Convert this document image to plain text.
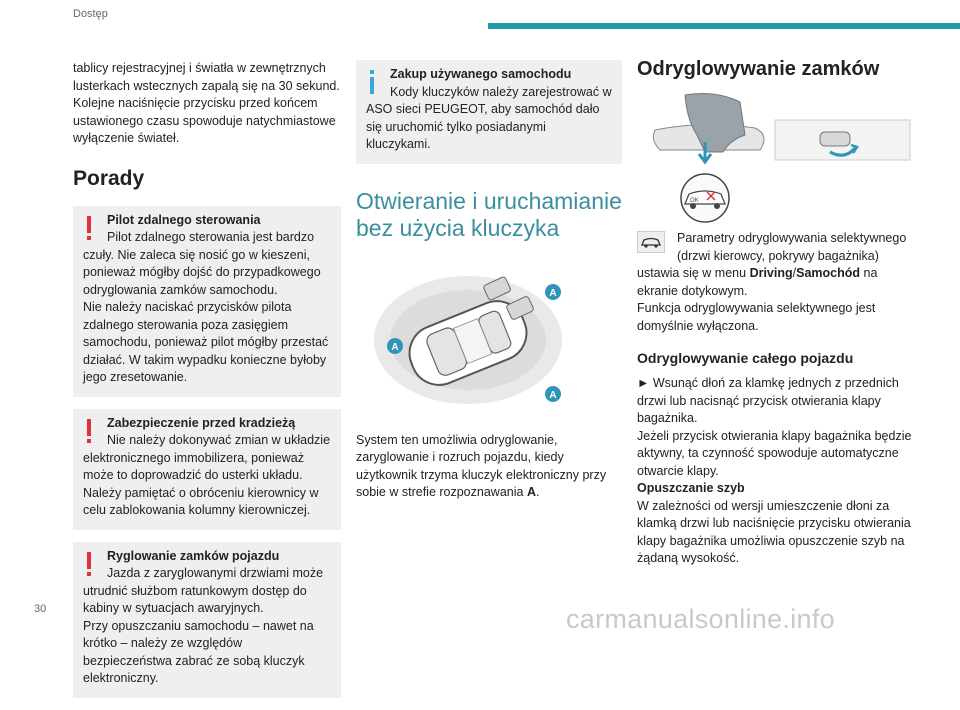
Dostęp

tablicy rejestracyjnej i światła w zewnętrznych lusterkach wstecznych zapalą się na 30 sekund. Kolejne naciśnięcie przycisku przed końcem ustawionego czasu spowoduje natychmiastowe wyłączenie świateł.

Porady
Pilot zdalnego sterowania
Pilot zdalnego sterowania jest bardzo

czuły. Nie zaleca się nosić go w kieszeni, ponieważ mógłby dojść do przypadkowego odryglowania zamków samochodu.
Nie należy naciskać przycisków pilota zdalnego sterowania poza zasięgiem samochodu, ponieważ pilot mógłby przestać działać. W takim wypadku konieczne byłoby jego zresetowanie.

Zabezpieczenie przed kradzieżą
Nie należy dokonywać zmian w układzie

elektronicznego immobilizera, ponieważ może to doprowadzić do usterki układu.
Należy pamiętać o obróceniu kierownicy w celu zablokowania kolumny kierowniczej.

Ryglowanie zamków pojazdu
Jazda z zaryglowanymi drzwiami może

utrudnić służbom ratunkowym dostęp do kabiny w sytuacjach awaryjnych.
Przy opuszczaniu samochodu – nawet na krótko – należy ze względów bezpieczeństwa zabrać ze sobą kluczyk elektroniczny.

Zakup używanego samochodu
Kody kluczyków należy zarejestrować w

ASO sieci PEUGEOT, aby samochód dało się uruchomić tylko posiadanymi kluczykami.

Otwieranie i uruchamianie bez użycia kluczyka
A
A
A

System ten umożliwia odryglowanie, zaryglowanie i rozruch pojazdu, kiedy użytkownik trzyma kluczyk elektroniczny przy sobie w strefie rozpoznawania A.

Odryglowywanie zamków
OK

Parametry odryglowywania selektywnego

(drzwi kierowcy, pokrywy bagażnika)

ustawia się w menu Driving/Samochód na ekranie dotykowym.

Funkcja odryglowywania selektywnego jest domyślnie wyłączona.

Odryglowywanie całego pojazdu

► Wsunąć dłoń za klamkę jednych z przednich drzwi lub nacisnąć przycisk otwierania klapy bagażnika.

Jeżeli przycisk otwierania klapy bagażnika będzie aktywny, ta czynność spowoduje automatyczne otwarcie klapy.

Opuszczanie szyb

W zależności od wersji umieszczenie dłoni za klamką drzwi lub naciśnięcie przycisku otwierania klapy bagażnika umożliwia opuszczenie szyb na żądaną wysokość.

30	carmanualsonline.info
